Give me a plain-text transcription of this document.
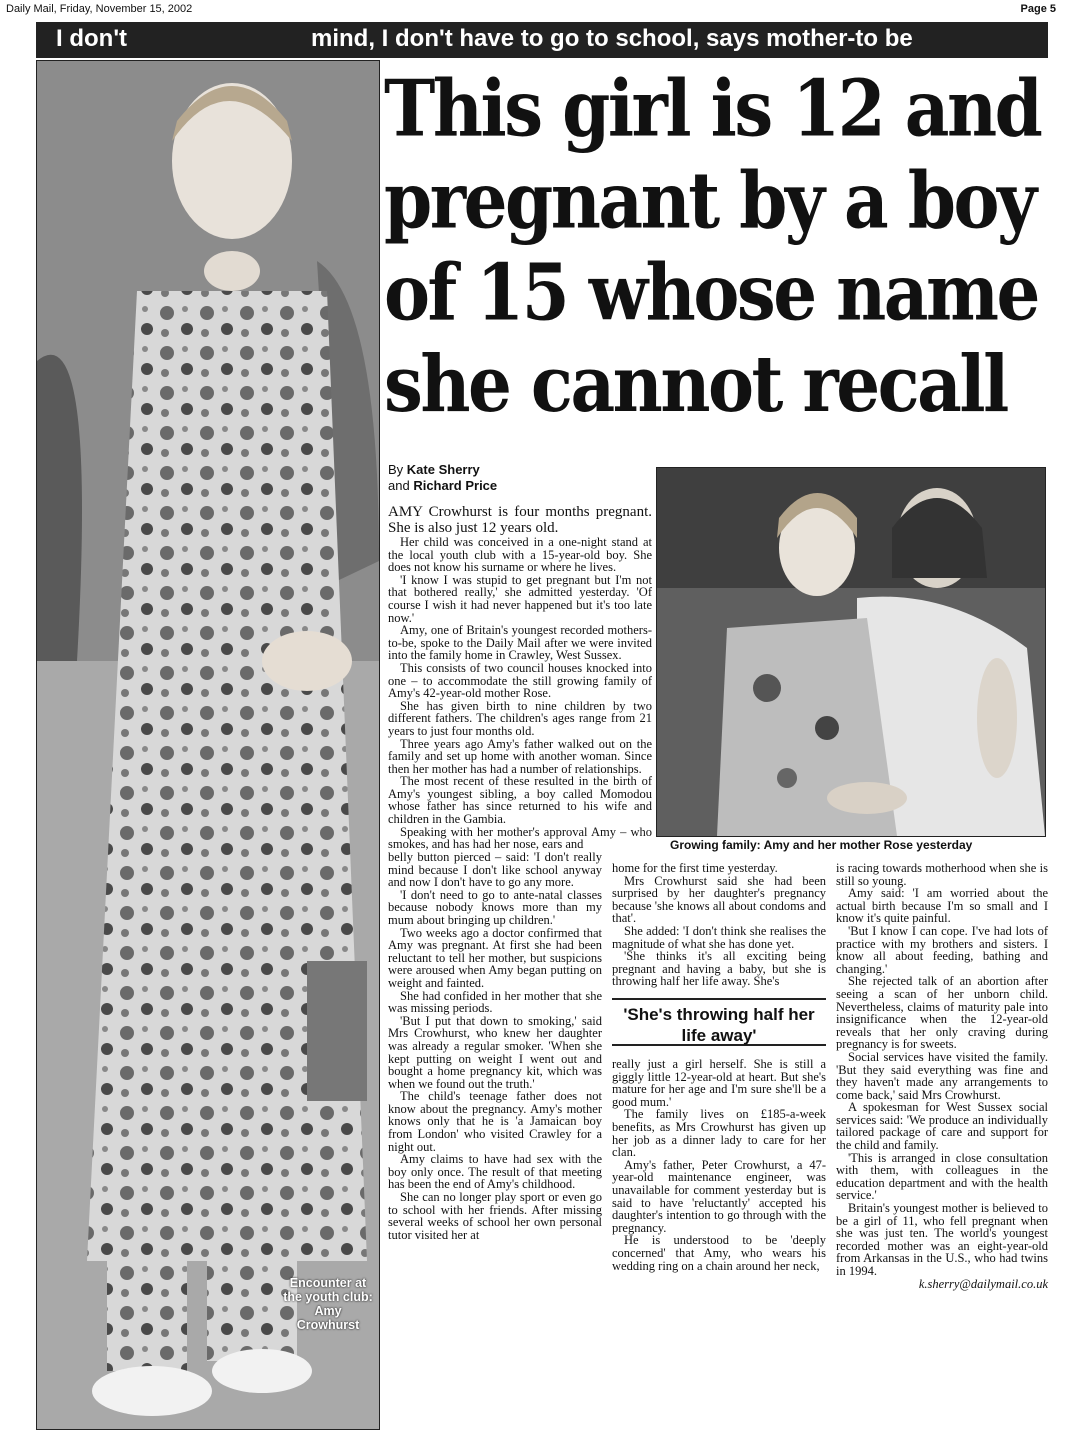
Daily Mail, Friday, November 15, 2002	Page 5
I don't	mind, I don't have to go to school, says mother-to be
Encounter at the youth club: Amy Crowhurst
This girl is 12 and
pregnant by a boy
of 15 whose name
she cannot recall
By Kate Sherry
and Richard Price
Growing family: Amy and her mother Rose yesterday

AMY Crowhurst is four months pregnant. She is also just 12 years old.

Her child was conceived in a one-night stand at the local youth club with a 15-year-old boy. She does not know his surname or where he lives.

'I know I was stupid to get pregnant but I'm not that bothered really,' she admitted yesterday. 'Of course I wish it had never happened but it's too late now.'

Amy, one of Britain's youngest recorded mothers-to-be, spoke to the Daily Mail after we were invited into the family home in Crawley, West Sussex.

This consists of two council houses knocked into one – to accommodate the still growing family of Amy's 42-year-old mother Rose.

She has given birth to nine children by two different fathers. The children's ages range from 21 years to just four months old.

Three years ago Amy's father walked out on the family and set up home with another woman. Since then her mother has had a number of relationships.

The most recent of these resulted in the birth of Amy's youngest sibling, a boy called Momodou whose father has since returned to his wife and children in the Gambia.

Speaking with her mother's approval Amy – who smokes, and has had her nose, ears and

belly button pierced – said: 'I don't really mind because I don't like school anyway and now I don't have to go any more.

'I don't need to go to ante-natal classes because nobody knows more than my mum about bringing up children.'

Two weeks ago a doctor confirmed that Amy was pregnant. At first she had been reluctant to tell her mother, but suspicions were aroused when Amy began putting on weight and fainted.

She had confided in her mother that she was missing periods.

'But I put that down to smoking,' said Mrs Crowhurst, who knew her daughter was already a regular smoker. 'When she kept putting on weight I went out and bought a home pregnancy kit, which was when we found out the truth.'

The child's teenage father does not know about the pregnancy. Amy's mother knows only that he is 'a Jamaican boy from London' who visited Crawley for a night out.

Amy claims to have had sex with the boy only once. The result of that meeting has been the end of Amy's childhood.

She can no longer play sport or even go to school with her friends. After missing several weeks of school her own personal tutor visited her at

home for the first time yesterday.

Mrs Crowhurst said she had been surprised by her daughter's pregnancy because 'she knows all about condoms and that'.

She added: 'I don't think she realises the magnitude of what she has done yet.

'She thinks it's all exciting being pregnant and having a baby, but she is throwing half her life away. She's

'She's throwing half her life away'

really just a girl herself. She is still a giggly little 12-year-old at heart. But she's mature for her age and I'm sure she'll be a good mum.'

The family lives on £185-a-week benefits, as Mrs Crowhurst has given up her job as a dinner lady to care for her clan.

Amy's father, Peter Crowhurst, a 47-year-old maintenance engineer, was unavailable for comment yesterday but is said to have 'reluctantly' accepted his daughter's intention to go through with the pregnancy.

He is understood to be 'deeply concerned' that Amy, who wears his wedding ring on a chain around her neck,

is racing towards motherhood when she is still so young.

Amy said: 'I am worried about the actual birth because I'm so small and I know it's quite painful.

'But I know I can cope. I've had lots of practice with my brothers and sisters. I know all about feeding, bathing and changing.'

She rejected talk of an abortion after seeing a scan of her unborn child. Nevertheless, claims of maturity pale into insignificance when the 12-year-old reveals that her only craving during pregnancy is for sweets.

Social services have visited the family. 'But they said everything was fine and they haven't made any arrangements to come back,' said Mrs Crowhurst.

A spokesman for West Sussex social services said: 'We produce an individually tailored package of care and support for the child and family.

'This is arranged in close consultation with them, with colleagues in the education department and with the health service.'

Britain's youngest mother is believed to be a girl of 11, who fell pregnant when she was just ten. The world's youngest recorded mother was an eight-year-old from Arkansas in the U.S., who had twins in 1994.

k.sherry@dailymail.co.uk
